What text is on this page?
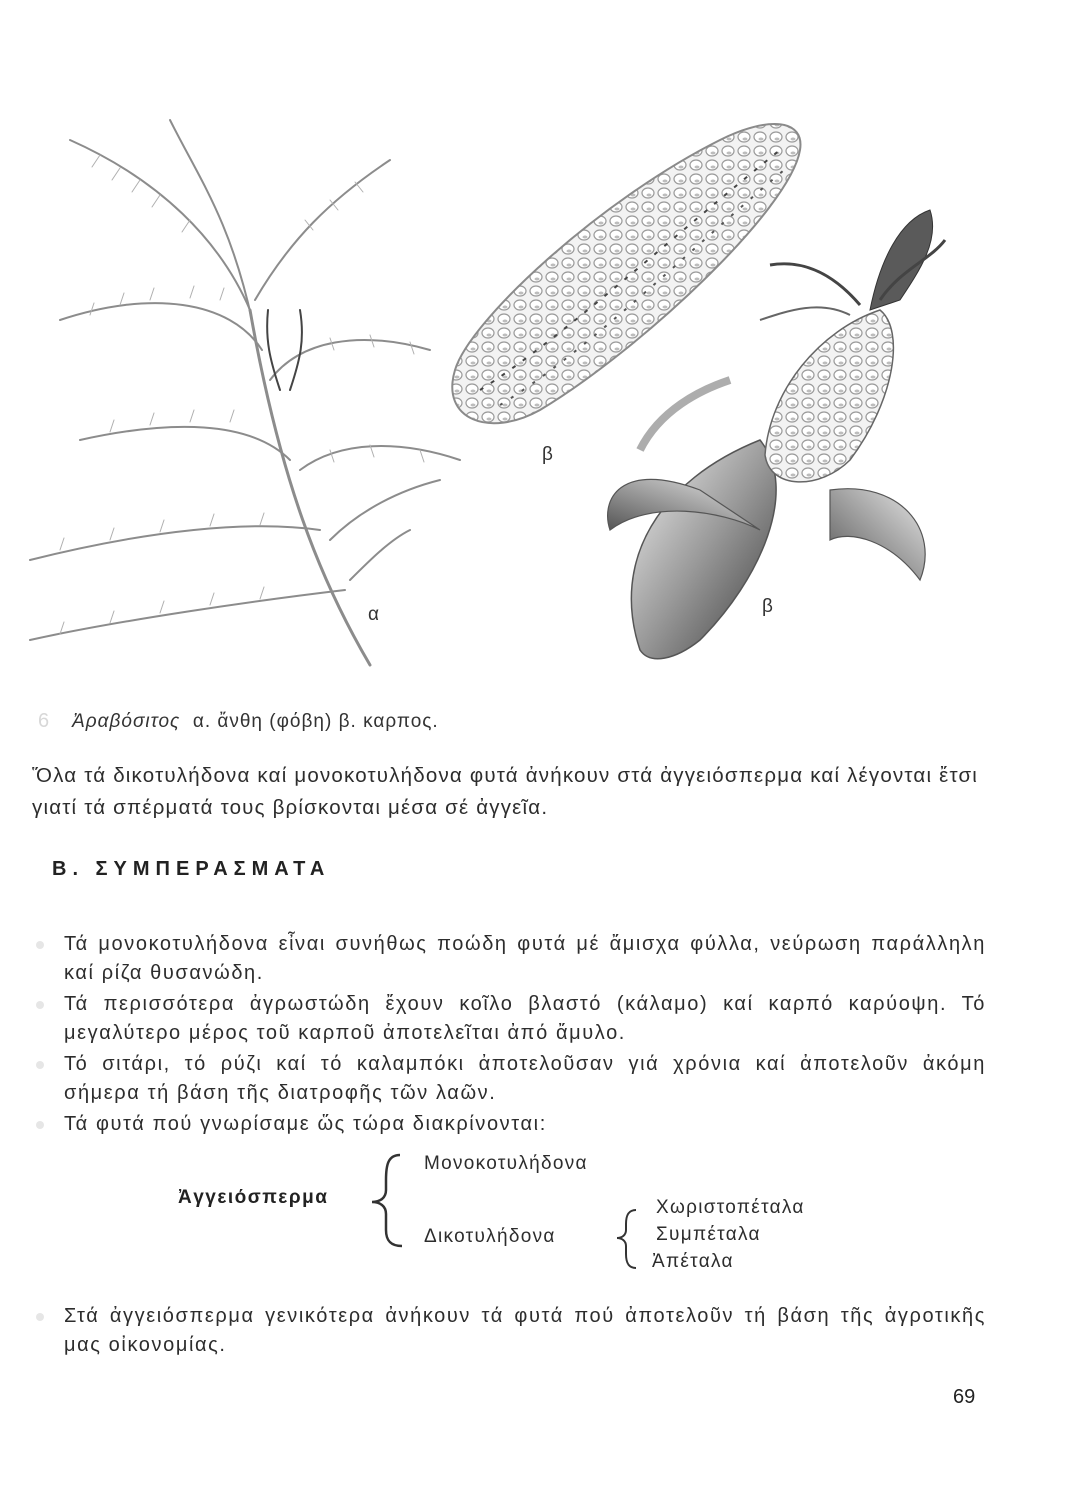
α
β
β
6 Ἀραβόσιτος α. ἄνθη (φόβη) β. καρπος.
Ὅλα τά δικοτυλήδονα καί μονοκοτυλήδονα φυτά ἀνήκουν στά ἀγγειόσπερμα καί λέγονται ἔτσι γιατί τά σπέρματά τους βρίσκονται μέσα σέ ἀγγεῖα.
Β. ΣΥΜΠΕΡΑΣΜΑΤΑ
Τά μονοκοτυλήδονα εἶναι συνήθως ποώδη φυτά μέ ἄμισχα φύλλα, νεύρωση παράλληλη καί ρίζα θυσανώδη.
Τά περισσότερα ἀγρωστώδη ἔχουν κοῖλο βλαστό (κάλαμο) καί καρπό καρύοψη. Τό μεγαλύτερο μέρος τοῦ καρποῦ ἀποτελεῖται ἀπό ἄμυλο.
Τό σιτάρι, τό ρύζι καί τό καλαμπόκι ἀποτελοῦσαν γιά χρόνια καί ἀποτελοῦν ἀκόμη σήμερα τή βάση τῆς διατροφῆς τῶν λαῶν.
Τά φυτά πού γνωρίσαμε ὥς τώρα διακρίνονται:
Ἀγγειόσπερμα
Μονοκοτυλήδονα
Δικοτυλήδονα
Χωριστοπέταλα
Συμπέταλα
Ἀπέταλα
Στά ἀγγειόσπερμα γενικότερα ἀνήκουν τά φυτά πού ἀποτελοῦν τή βάση τῆς ἀγροτικῆς μας οἰκονομίας.
69
